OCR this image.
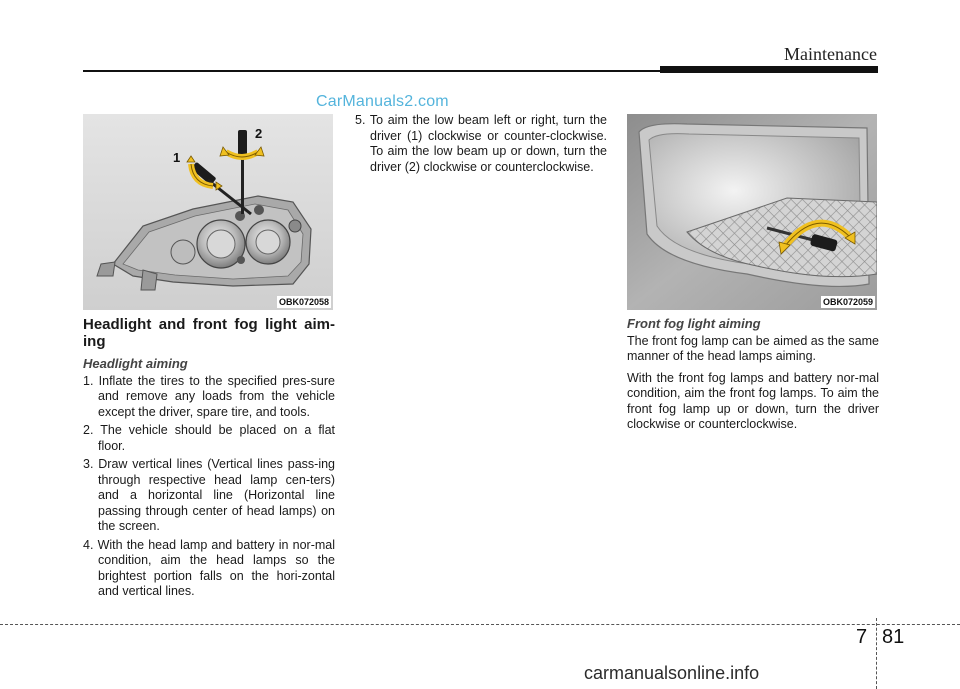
Maintenance
CarManuals2.com
1
2
OBK072058	OBK072059
Headlight and front fog light aim-ing
Headlight aiming
1. Inflate the tires to the specified pres-sure and remove any loads from the vehicle except the driver, spare tire, and tools.
2. The vehicle should be placed on a flat floor.
3. Draw vertical lines (Vertical lines pass-ing through respective head lamp cen-ters) and a horizontal line (Horizontal line passing through center of head lamps) on the screen.
4. With the head lamp and battery in nor-mal condition, aim the head lamps so the brightest portion falls on the hori-zontal and vertical lines.
5. To aim the low beam left or right, turn the driver (1) clockwise or counter-clockwise. To aim the low beam up or down, turn the driver (2) clockwise or counterclockwise.
Front fog light aiming
The front fog lamp can be aimed as the same manner of the head lamps aiming.
With the front fog lamps and battery nor-mal condition, aim the front fog lamps. To aim the front fog lamp up or down, turn the driver clockwise or counterclockwise.
7 81
carmanualsonline.info
